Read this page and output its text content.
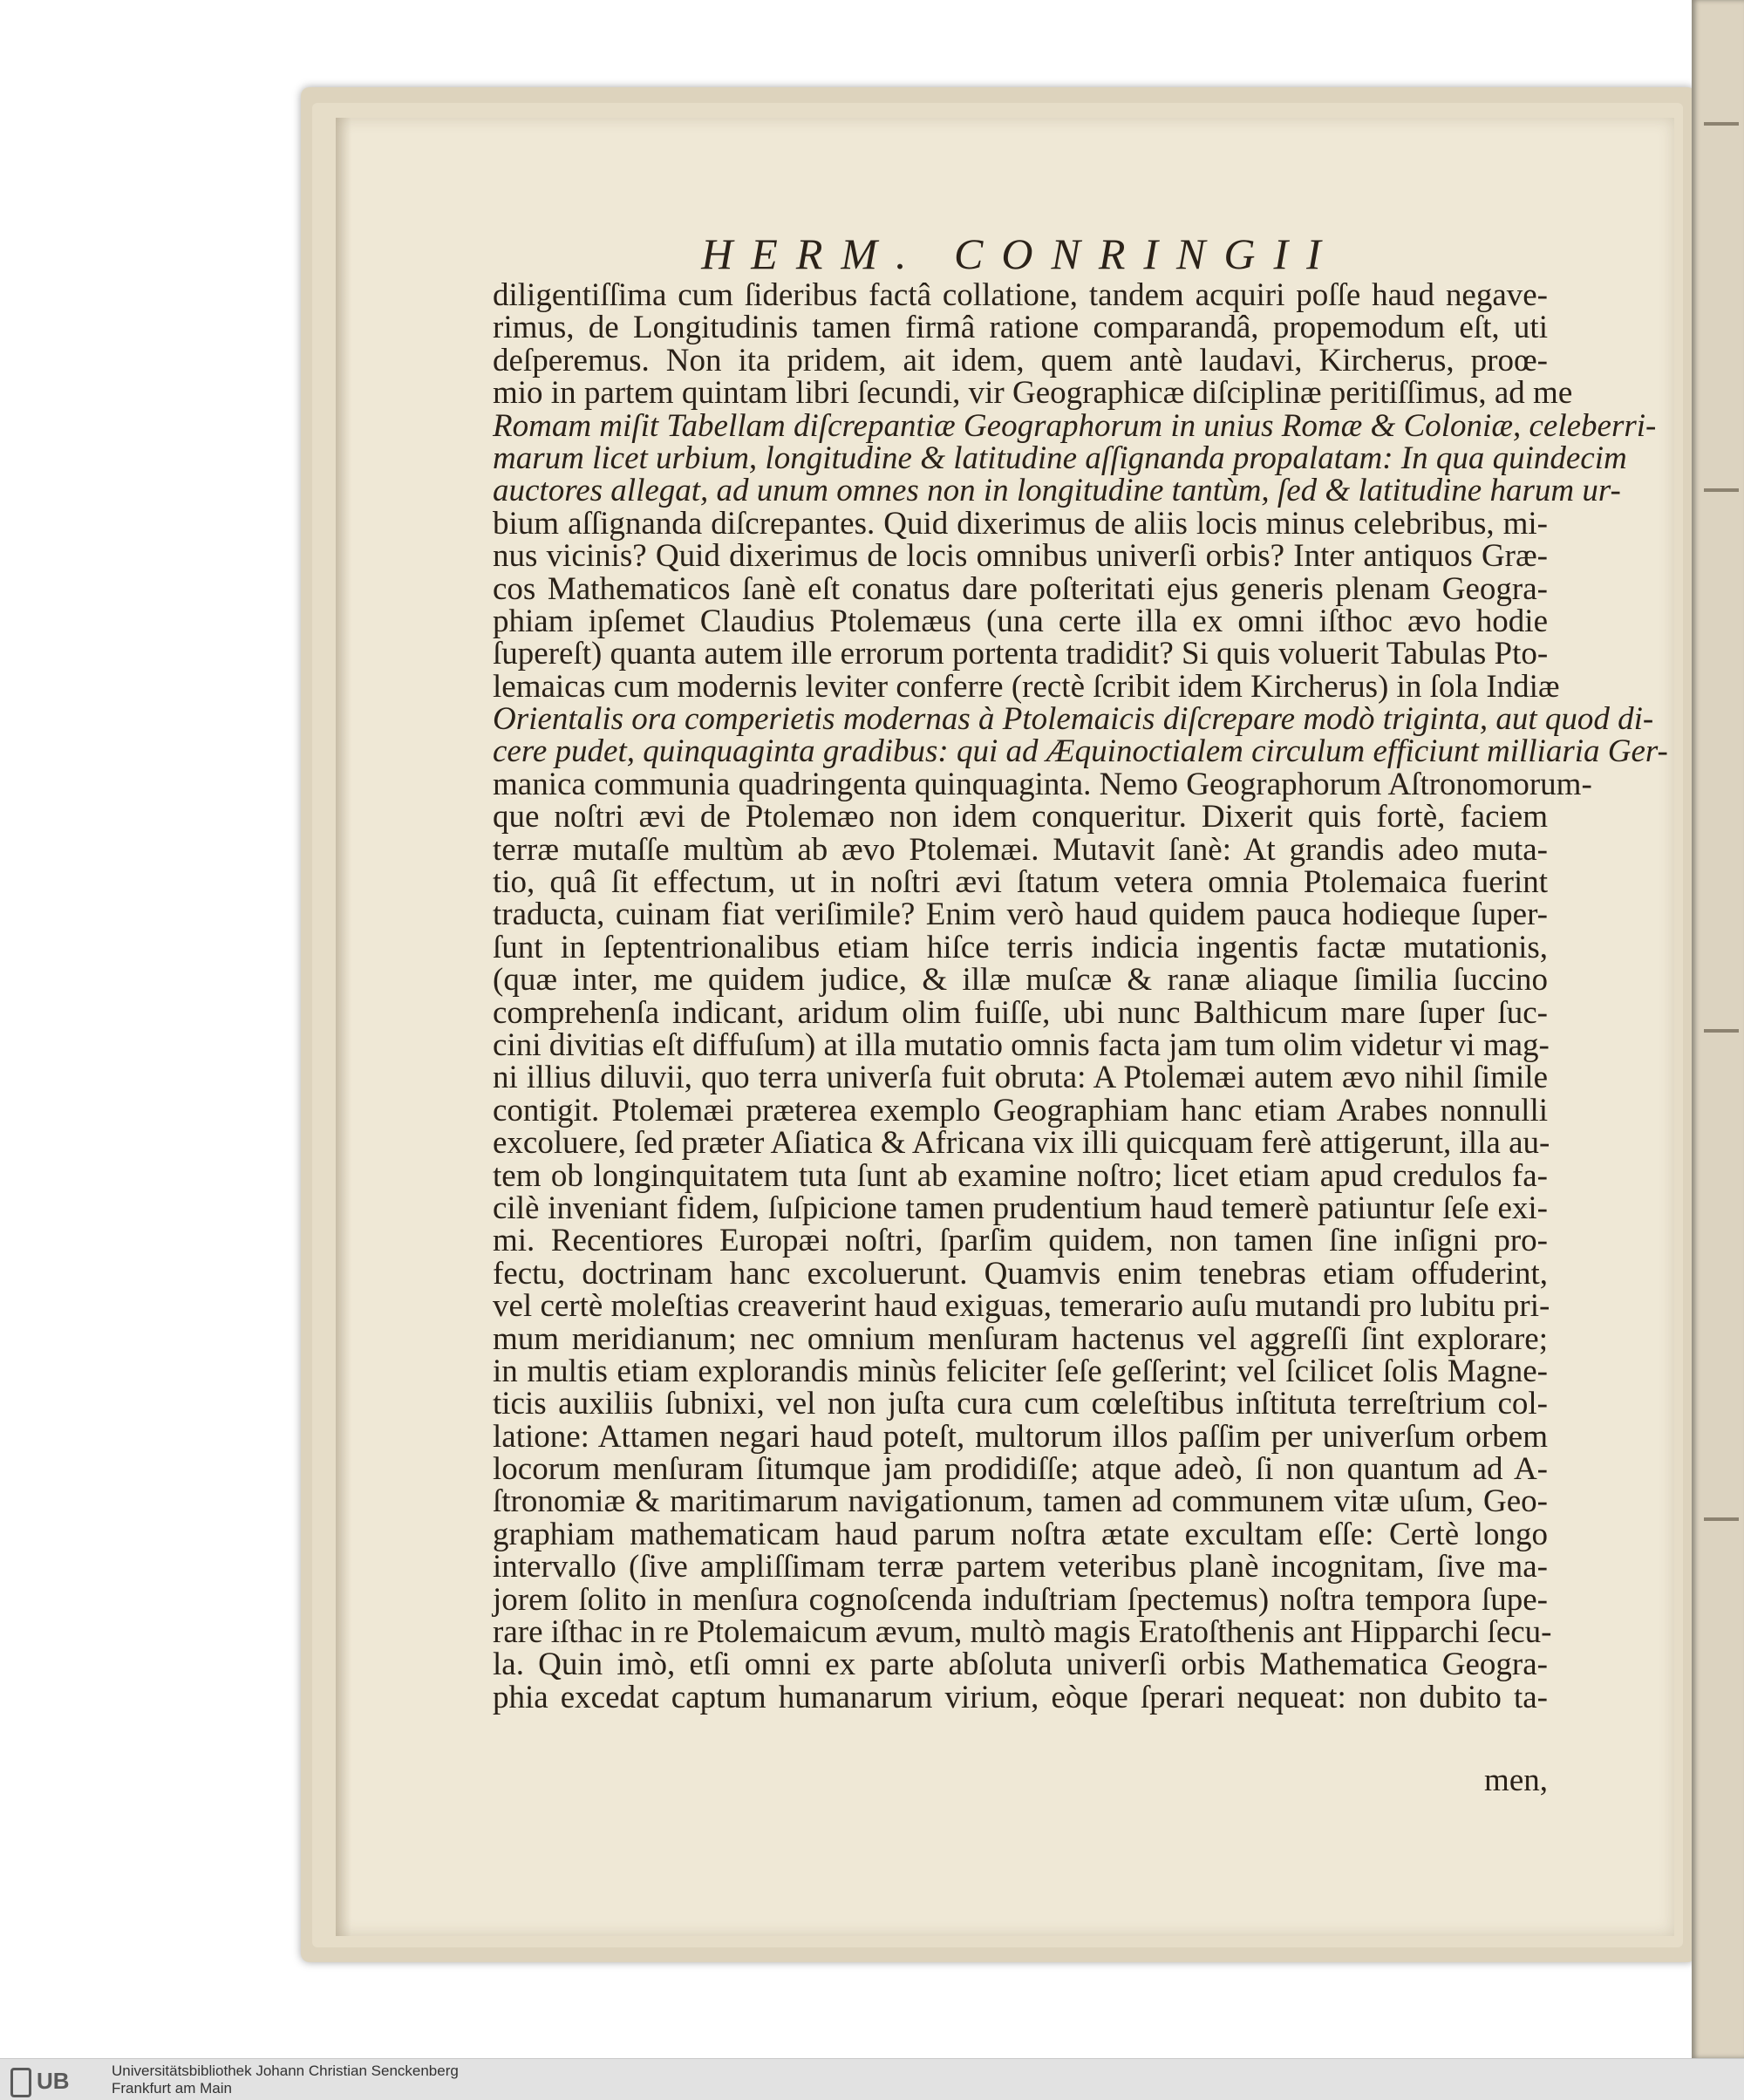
HERM. CONRINGII
diligentiſſima cum ſideribus factâ collatione, tandem acquiri poſſe haud negave-
rimus, de Longitudinis tamen firmâ ratione comparandâ, propemodum eſt, uti
deſperemus. Non ita pridem, ait idem, quem antè laudavi, Kircherus, proœ-
mio in partem quintam libri ſecundi, vir Geographicæ diſciplinæ peritiſſimus, ad me
Romam miſit Tabellam diſcrepantiæ Geographorum in unius Romæ & Coloniæ, celeberri-
marum licet urbium, longitudine & latitudine aſſignanda propalatam: In qua quindecim
auctores allegat, ad unum omnes non in longitudine tantùm, ſed & latitudine harum ur-
bium aſſignanda diſcrepantes. Quid dixerimus de aliis locis minus celebribus, mi-
nus vicinis? Quid dixerimus de locis omnibus univerſi orbis? Inter antiquos Græ-
cos Mathematicos ſanè eſt conatus dare poſteritati ejus generis plenam Geogra-
phiam ipſemet Claudius Ptolemæus (una certe illa ex omni iſthoc ævo hodie
ſupereſt) quanta autem ille errorum portenta tradidit? Si quis voluerit Tabulas Pto-
lemaicas cum modernis leviter conferre (rectè ſcribit idem Kircherus) in ſola Indiæ
Orientalis ora comperietis modernas à Ptolemaicis diſcrepare modò triginta, aut quod di-
cere pudet, quinquaginta gradibus: qui ad Æquinoctialem circulum efficiunt milliaria Ger-
manica communia quadringenta quinquaginta. Nemo Geographorum Aſtronomorum-
que noſtri ævi de Ptolemæo non idem conqueritur. Dixerit quis fortè, faciem
terræ mutaſſe multùm ab ævo Ptolemæi. Mutavit ſanè: At grandis adeo muta-
tio, quâ ſit effectum, ut in noſtri ævi ſtatum vetera omnia Ptolemaica fuerint
traducta, cuinam fiat veriſimile? Enim verò haud quidem pauca hodieque ſuper-
ſunt in ſeptentrionalibus etiam hiſce terris indicia ingentis factæ mutationis,
(quæ inter, me quidem judice, & illæ muſcæ & ranæ aliaque ſimilia ſuccino
comprehenſa indicant, aridum olim fuiſſe, ubi nunc Balthicum mare ſuper ſuc-
cini divitias eſt diffuſum) at illa mutatio omnis facta jam tum olim videtur vi mag-
ni illius diluvii, quo terra univerſa fuit obruta: A Ptolemæi autem ævo nihil ſimile
contigit. Ptolemæi præterea exemplo Geographiam hanc etiam Arabes nonnulli
excoluere, ſed præter Aſiatica & Africana vix illi quicquam ferè attigerunt, illa au-
tem ob longinquitatem tuta ſunt ab examine noſtro; licet etiam apud credulos fa-
cilè inveniant fidem, ſuſpicione tamen prudentium haud temerè patiuntur ſeſe exi-
mi. Recentiores Europæi noſtri, ſparſim quidem, non tamen ſine inſigni pro-
fectu, doctrinam hanc excoluerunt. Quamvis enim tenebras etiam offuderint,
vel certè moleſtias creaverint haud exiguas, temerario auſu mutandi pro lubitu pri-
mum meridianum; nec omnium menſuram hactenus vel aggreſſi ſint explorare;
in multis etiam explorandis minùs feliciter ſeſe geſſerint; vel ſcilicet ſolis Magne-
ticis auxiliis ſubnixi, vel non juſta cura cum cœleſtibus inſtituta terreſtrium col-
latione: Attamen negari haud poteſt, multorum illos paſſim per univerſum orbem
locorum menſuram ſitumque jam prodidiſſe; atque adeò, ſi non quantum ad A-
ſtronomiæ & maritimarum navigationum, tamen ad communem vitæ uſum, Geo-
graphiam mathematicam haud parum noſtra ætate excultam eſſe: Certè longo
intervallo (ſive ampliſſimam terræ partem veteribus planè incognitam, ſive ma-
jorem ſolito in menſura cognoſcenda induſtriam ſpectemus) noſtra tempora ſupe-
rare iſthac in re Ptolemaicum ævum, multò magis Eratoſthenis ant Hipparchi ſecu-
la. Quin imò, etſi omni ex parte abſoluta univerſi orbis Mathematica Geogra-
phia excedat captum humanarum virium, eòque ſperari nequeat: non dubito ta-
men,
UB	Universitätsbibliothek Johann Christian Senckenberg
Frankfurt am Main
